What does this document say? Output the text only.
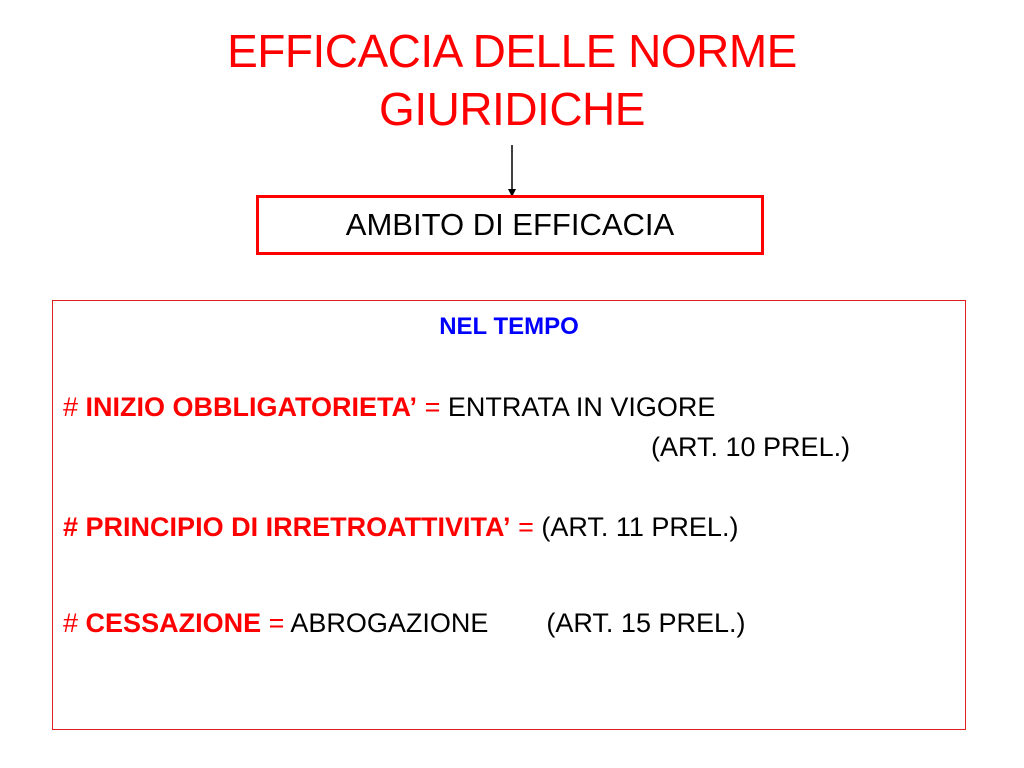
EFFICACIA DELLE NORME
GIURIDICHE
AMBITO DI EFFICACIA
NEL TEMPO
# INIZIO OBBLIGATORIETA’ = ENTRATA IN VIGORE
(ART. 10 PREL.)
# PRINCIPIO DI IRRETROATTIVITA’ = (ART. 11 PREL.)
# CESSAZIONE = ABROGAZIONE (ART. 15 PREL.)
